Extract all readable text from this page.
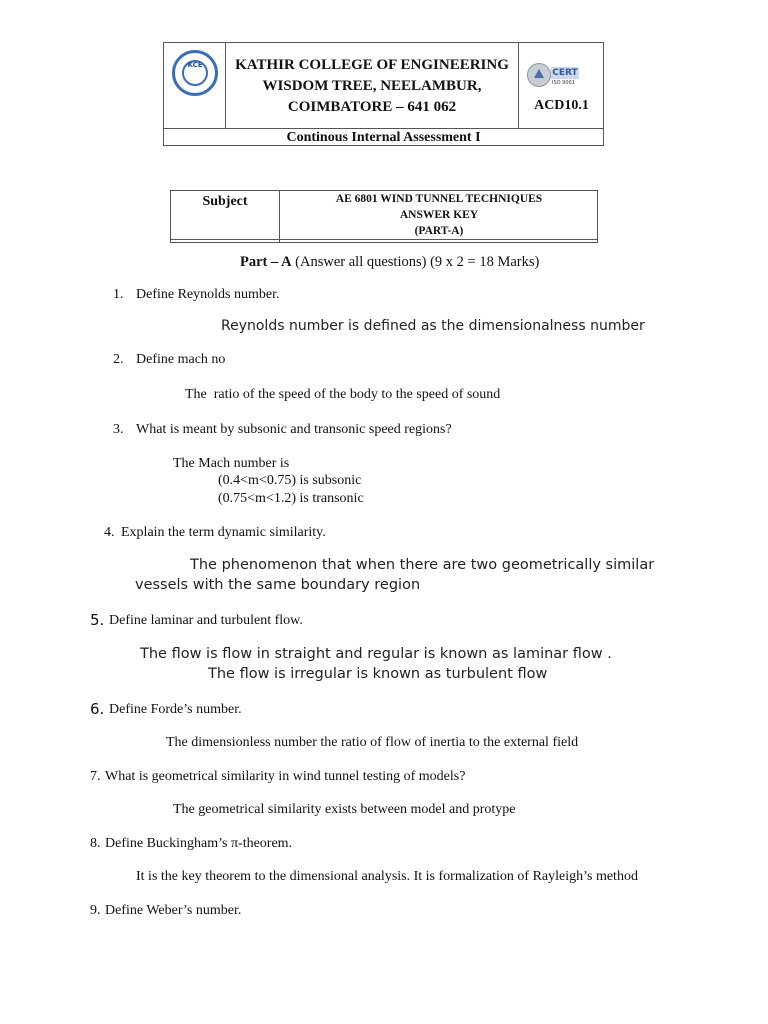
KCE	KATHIR COLLEGE OF ENGINEERING
WISDOM TREE, NEELAMBUR,
COIMBATORE – 641 062
CERT
ISO 9001
ACD10.1
Continous Internal Assessment I
Subject	AE 6801 WIND TUNNEL TECHNIQUES
ANSWER KEY
(PART-A)
Part – A (Answer all questions) (9 x 2 = 18 Marks)
1. Define Reynolds number.
Reynolds number is defined as the dimensionalness number
2. Define mach no
The  ratio of the speed of the body to the speed of sound
3. What is meant by subsonic and transonic speed regions?
The Mach number is
(0.4<m<0.75) is subsonic
(0.75<m<1.2) is transonic
4. Explain the term dynamic similarity.
The phenomenon that when there are two geometrically similar
vessels with the same boundary region
5. Define laminar and turbulent flow.
The flow is flow in straight and regular is known as laminar flow .
The flow is irregular is known as turbulent flow
6. Define Forde’s number.
The dimensionless number the ratio of flow of inertia to the external field
7. What is geometrical similarity in wind tunnel testing of models?
The geometrical similarity exists between model and protype
8. Define Buckingham’s π-theorem.
It is the key theorem to the dimensional analysis. It is formalization of Rayleigh’s method
9. Define Weber’s number.
